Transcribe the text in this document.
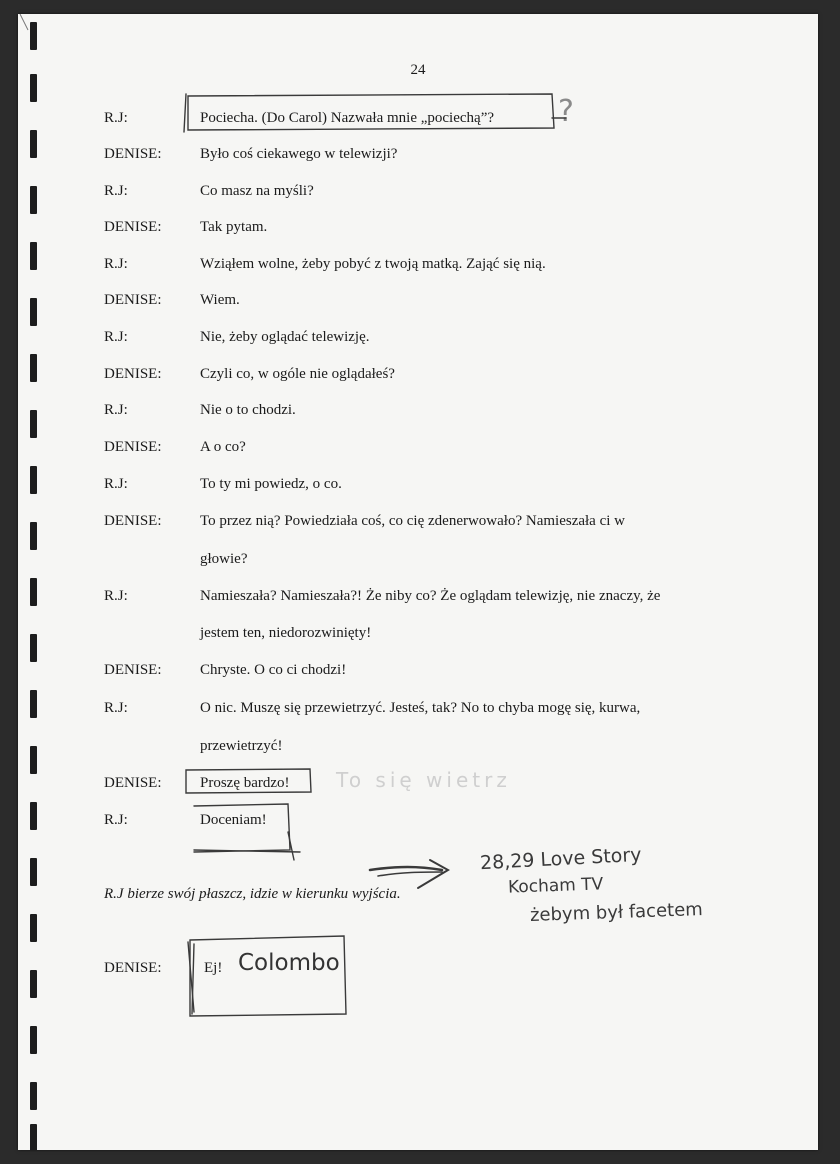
24
R.J:	Pociecha. (Do Carol) Nazwała mnie „pociechą”?
DENISE:	Było coś ciekawego w telewizji?
R.J:	Co masz na myśli?
DENISE:	Tak pytam.
R.J:	Wziąłem wolne, żeby pobyć z twoją matką. Zająć się nią.
DENISE:	Wiem.
R.J:	Nie, żeby oglądać telewizję.
DENISE:	Czyli co, w ogóle nie oglądałeś?
R.J:	Nie o to chodzi.
DENISE:	A o co?
R.J:	To ty mi powiedz, o co.
DENISE:	To przez nią? Powiedziała coś, co cię zdenerwowało? Namieszała ci w
głowie?
R.J:	Namieszała? Namieszała?! Że niby co? Że oglądam telewizję, nie znaczy, że
jestem ten, niedorozwinięty!
DENISE:	Chryste. O co ci chodzi!
R.J:	O nic. Muszę się przewietrzyć. Jesteś, tak? No to chyba mogę się, kurwa,
przewietrzyć!
DENISE:	Proszę bardzo!
R.J:	Doceniam!
R.J bierze swój płaszcz, idzie w kierunku wyjścia.
DENISE:	Ej!
?
To się wietrz
28,29 Love Story
Kocham TV
żebym był facetem
Colombo
